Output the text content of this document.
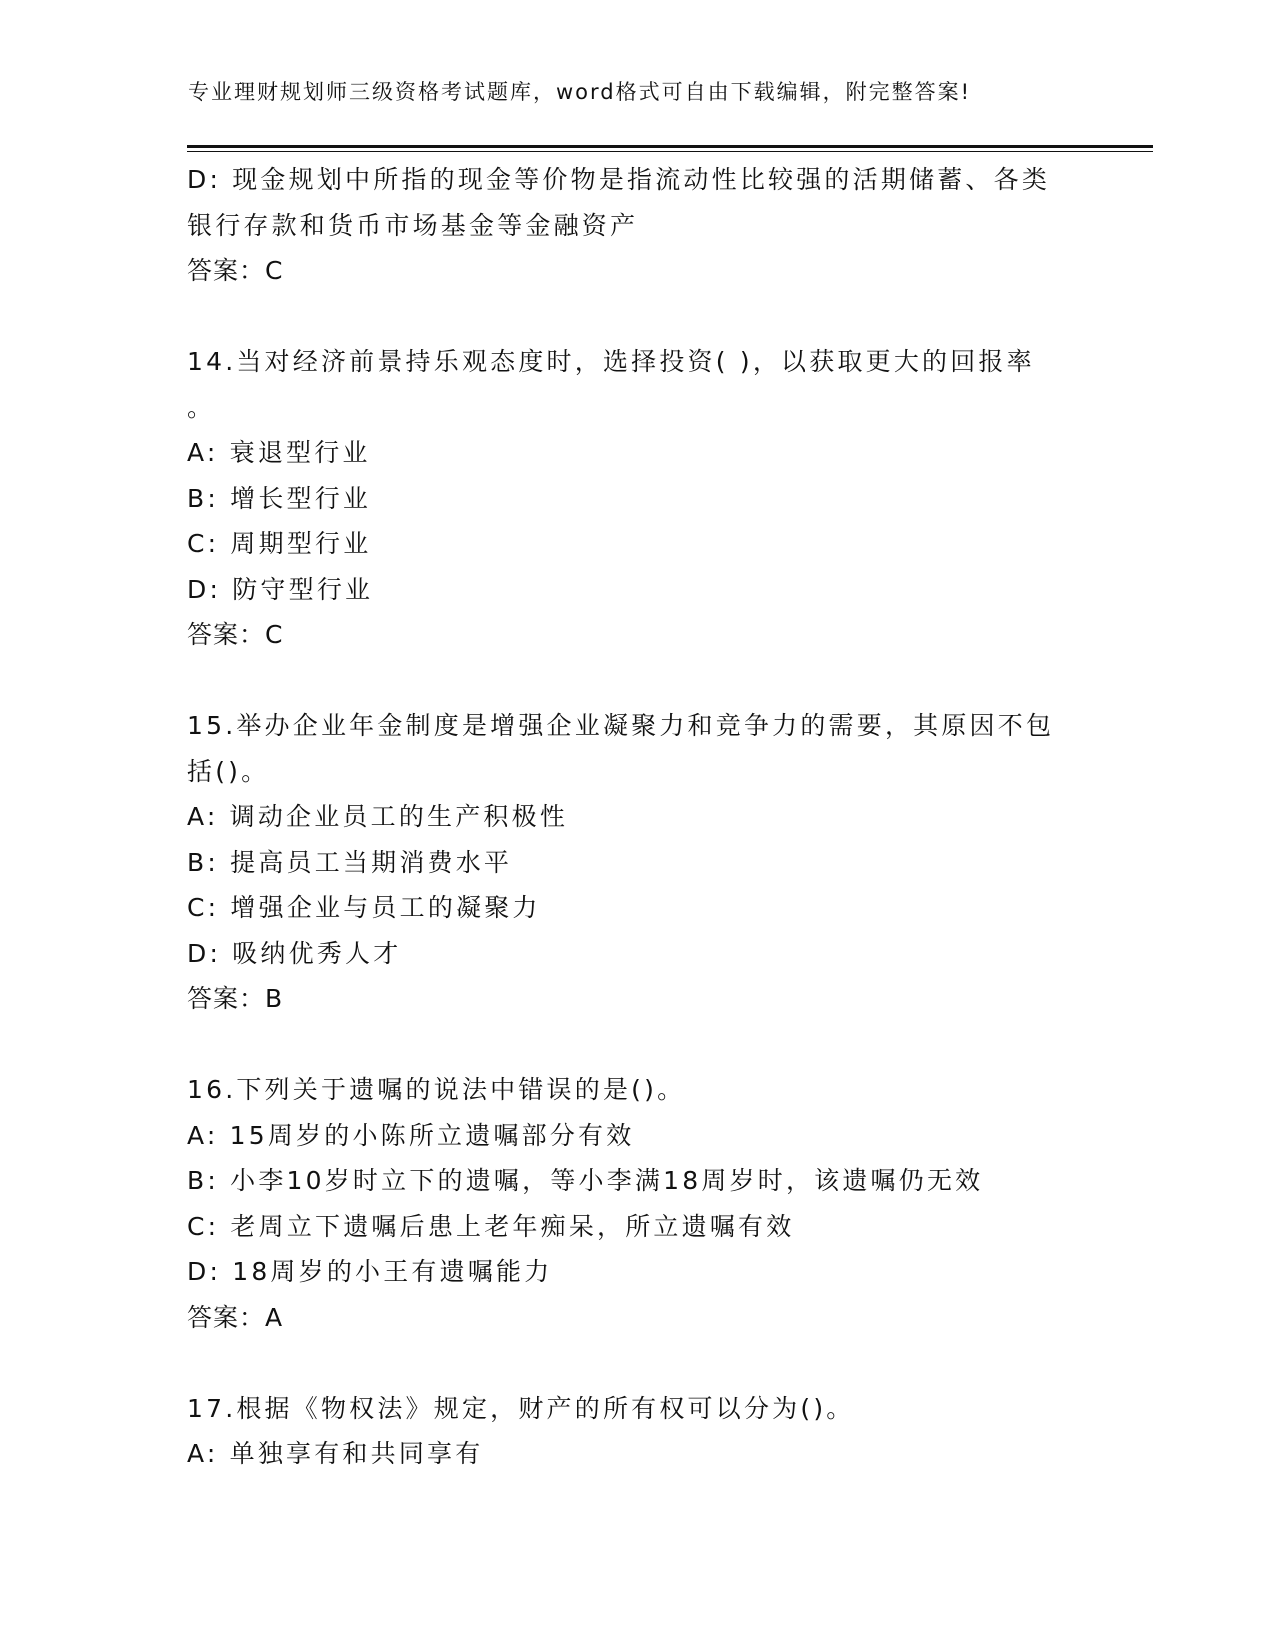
专业理财规划师三级资格考试题库，word格式可自由下载编辑，附完整答案!
D: 现金规划中所指的现金等价物是指流动性比较强的活期储蓄、各类
银行存款和货币市场基金等金融资产
答案：C
14.当对经济前景持乐观态度时，选择投资( )，以获取更大的回报率
。
A: 衰退型行业
B: 增长型行业
C: 周期型行业
D: 防守型行业
答案：C
15.举办企业年金制度是增强企业凝聚力和竞争力的需要，其原因不包
括()。
A: 调动企业员工的生产积极性
B: 提高员工当期消费水平
C: 增强企业与员工的凝聚力
D: 吸纳优秀人才
答案：B
16.下列关于遗嘱的说法中错误的是()。
A: 15周岁的小陈所立遗嘱部分有效
B: 小李10岁时立下的遗嘱，等小李满18周岁时，该遗嘱仍无效
C: 老周立下遗嘱后患上老年痴呆，所立遗嘱有效
D: 18周岁的小王有遗嘱能力
答案：A
17.根据《物权法》规定，财产的所有权可以分为()。
A: 单独享有和共同享有
